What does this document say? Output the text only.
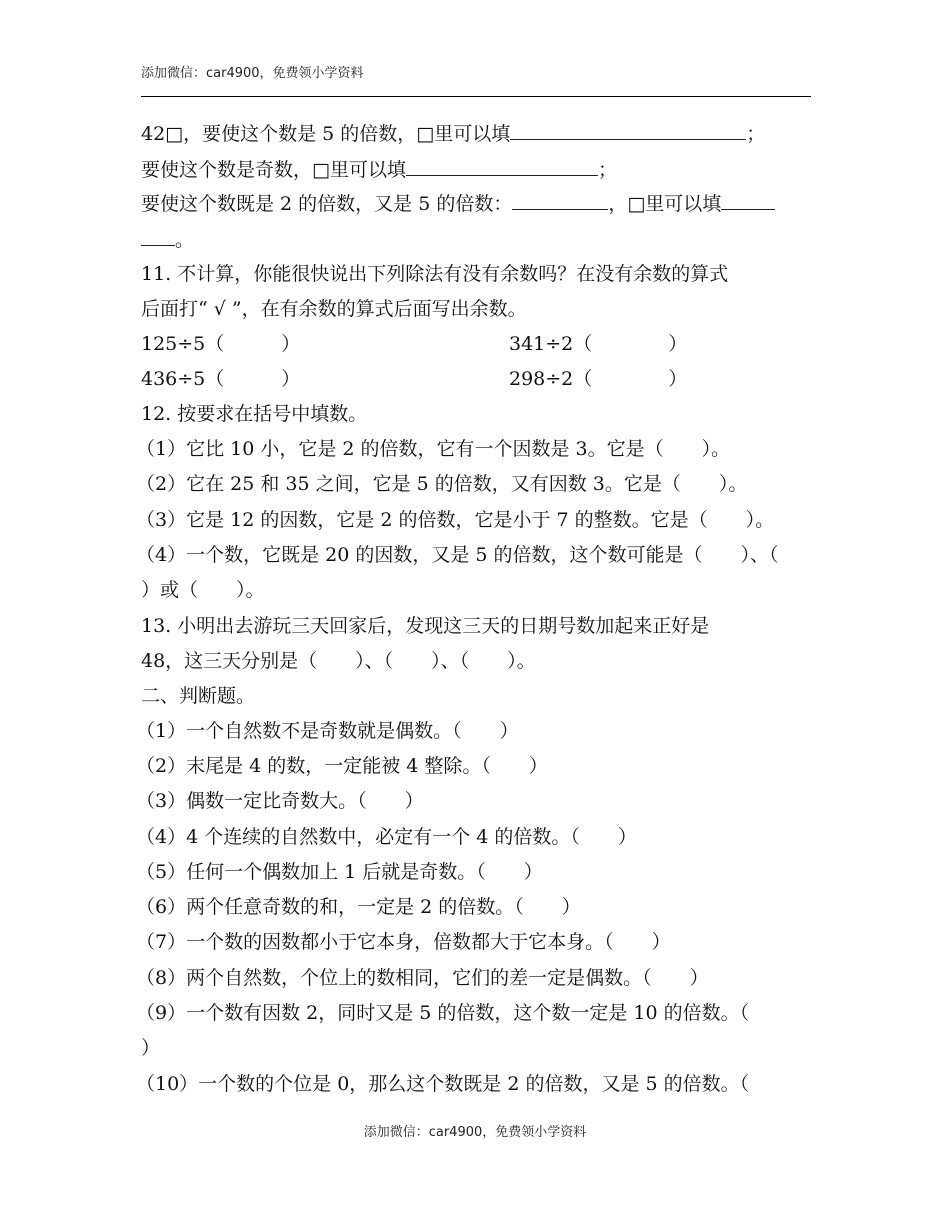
添加微信：car4900，免费领小学资料
42□，要使这个数是 5 的倍数，□里可以填	；
要使这个数是奇数，□里可以填	；
要使这个数既是 2 的倍数，又是 5 的倍数：	，□里可以填
。
11. 不计算，你能很快说出下列除法有没有余数吗？在没有余数的算式
后面打“ √ ”，在有余数的算式后面写出余数。
125÷5（　　　）	341÷2（　　　　）
436÷5（　　　）	298÷2（　　　　）
12. 按要求在括号中填数。
（1）它比 10 小，它是 2 的倍数，它有一个因数是 3。它是（　　）。
（2）它在 25 和 35 之间，它是 5 的倍数，又有因数 3。它是（　　）。
（3）它是 12 的因数，它是 2 的倍数，它是小于 7 的整数。它是（　　）。
（4）一个数，它既是 20 的因数，又是 5 的倍数，这个数可能是（　　）、（
）或（　　）。
13. 小明出去游玩三天回家后，发现这三天的日期号数加起来正好是
48，这三天分别是（　　）、（　　）、（　　）。
二、判断题。
（1）一个自然数不是奇数就是偶数。（　　）
（2）末尾是 4 的数，一定能被 4 整除。（　　）
（3）偶数一定比奇数大。（　　）
（4）4 个连续的自然数中，必定有一个 4 的倍数。（　　）
（5）任何一个偶数加上 1 后就是奇数。（　　）
（6）两个任意奇数的和，一定是 2 的倍数。（　　）
（7）一个数的因数都小于它本身，倍数都大于它本身。（　　）
（8）两个自然数，个位上的数相同，它们的差一定是偶数。（　　）
（9）一个数有因数 2，同时又是 5 的倍数，这个数一定是 10 的倍数。（
）
（10）一个数的个位是 0，那么这个数既是 2 的倍数，又是 5 的倍数。（
添加微信：car4900，免费领小学资料
